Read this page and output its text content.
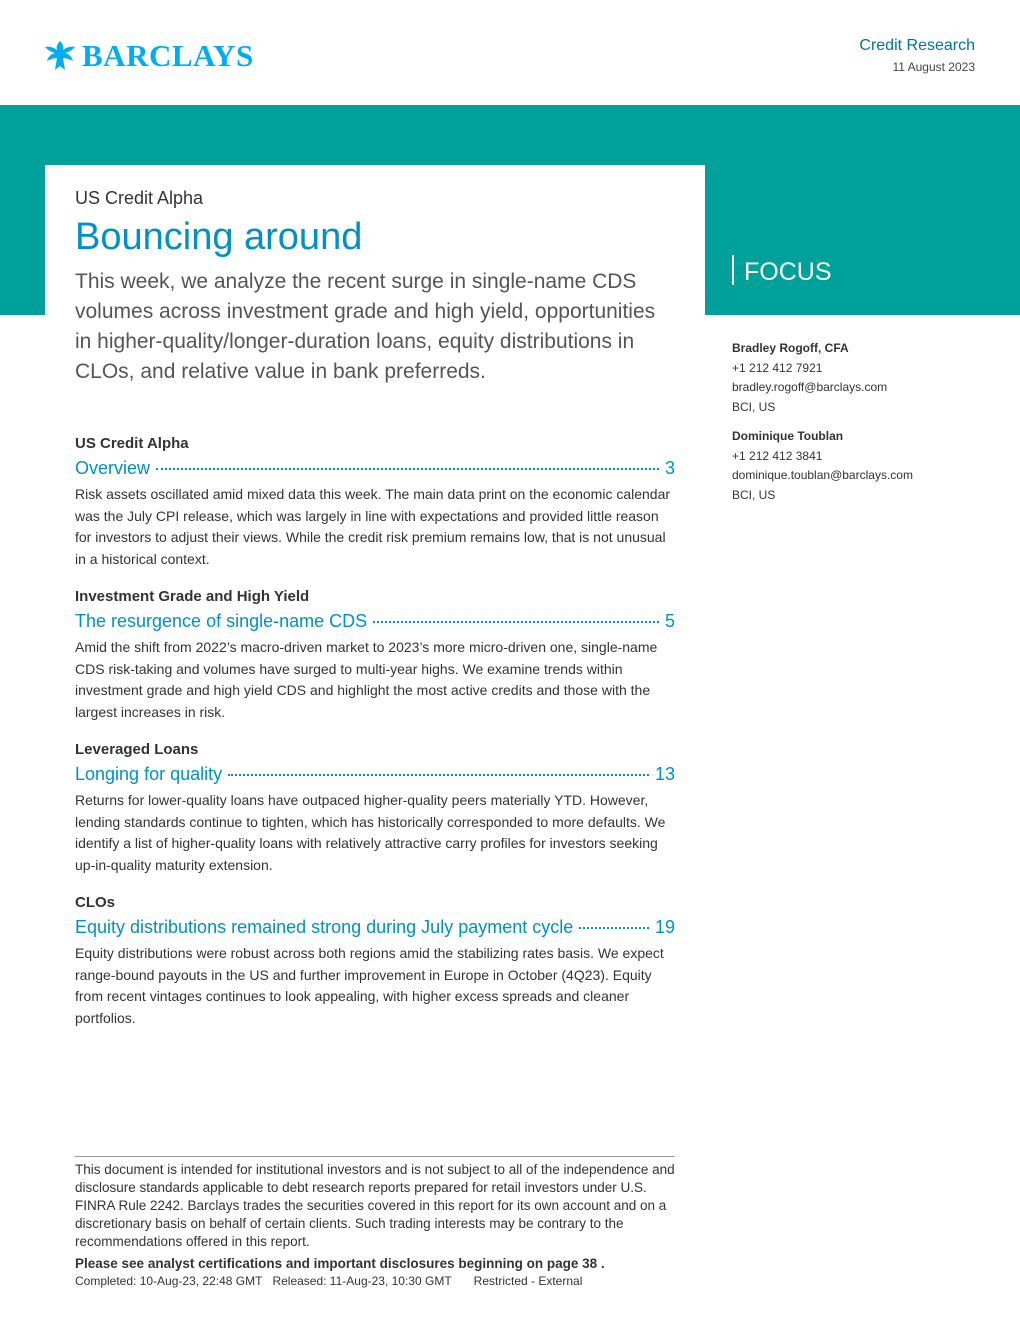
BARCLAYS	Credit Research
11 August 2023
FOCUS
US Credit Alpha
Bouncing around
This week, we analyze the recent surge in single-name CDS volumes across investment grade and high yield, opportunities in higher-quality/longer-duration loans, equity distributions in CLOs, and relative value in bank preferreds.
US Credit Alpha
Overview	3
Risk assets oscillated amid mixed data this week. The main data print on the economic calendar was the July CPI release, which was largely in line with expectations and provided little reason for investors to adjust their views. While the credit risk premium remains low, that is not unusual in a historical context.
Investment Grade and High Yield
The resurgence of single-name CDS	5
Amid the shift from 2022’s macro-driven market to 2023’s more micro-driven one, single-name CDS risk-taking and volumes have surged to multi-year highs. We examine trends within investment grade and high yield CDS and highlight the most active credits and those with the largest increases in risk.
Leveraged Loans
Longing for quality	13
Returns for lower-quality loans have outpaced higher-quality peers materially YTD. However, lending standards continue to tighten, which has historically corresponded to more defaults. We identify a list of higher-quality loans with relatively attractive carry profiles for investors seeking up-in-quality maturity extension.
CLOs
Equity distributions remained strong during July payment cycle	19
Equity distributions were robust across both regions amid the stabilizing rates basis. We expect range-bound payouts in the US and further improvement in Europe in October (4Q23). Equity from recent vintages continues to look appealing, with higher excess spreads and cleaner portfolios.
Bradley Rogoff, CFA
+1 212 412 7921
bradley.rogoff@barclays.com
BCI, US
Dominique Toublan
+1 212 412 3841
dominique.toublan@barclays.com
BCI, US
This document is intended for institutional investors and is not subject to all of the independence and disclosure standards applicable to debt research reports prepared for retail investors under U.S. FINRA Rule 2242. Barclays trades the securities covered in this report for its own account and on a discretionary basis on behalf of certain clients. Such trading interests may be contrary to the recommendations offered in this report.
Please see analyst certifications and important disclosures beginning on page 38 .
Completed: 10-Aug-23, 22:48 GMT Released: 11-Aug-23, 10:30 GMT Restricted - External
